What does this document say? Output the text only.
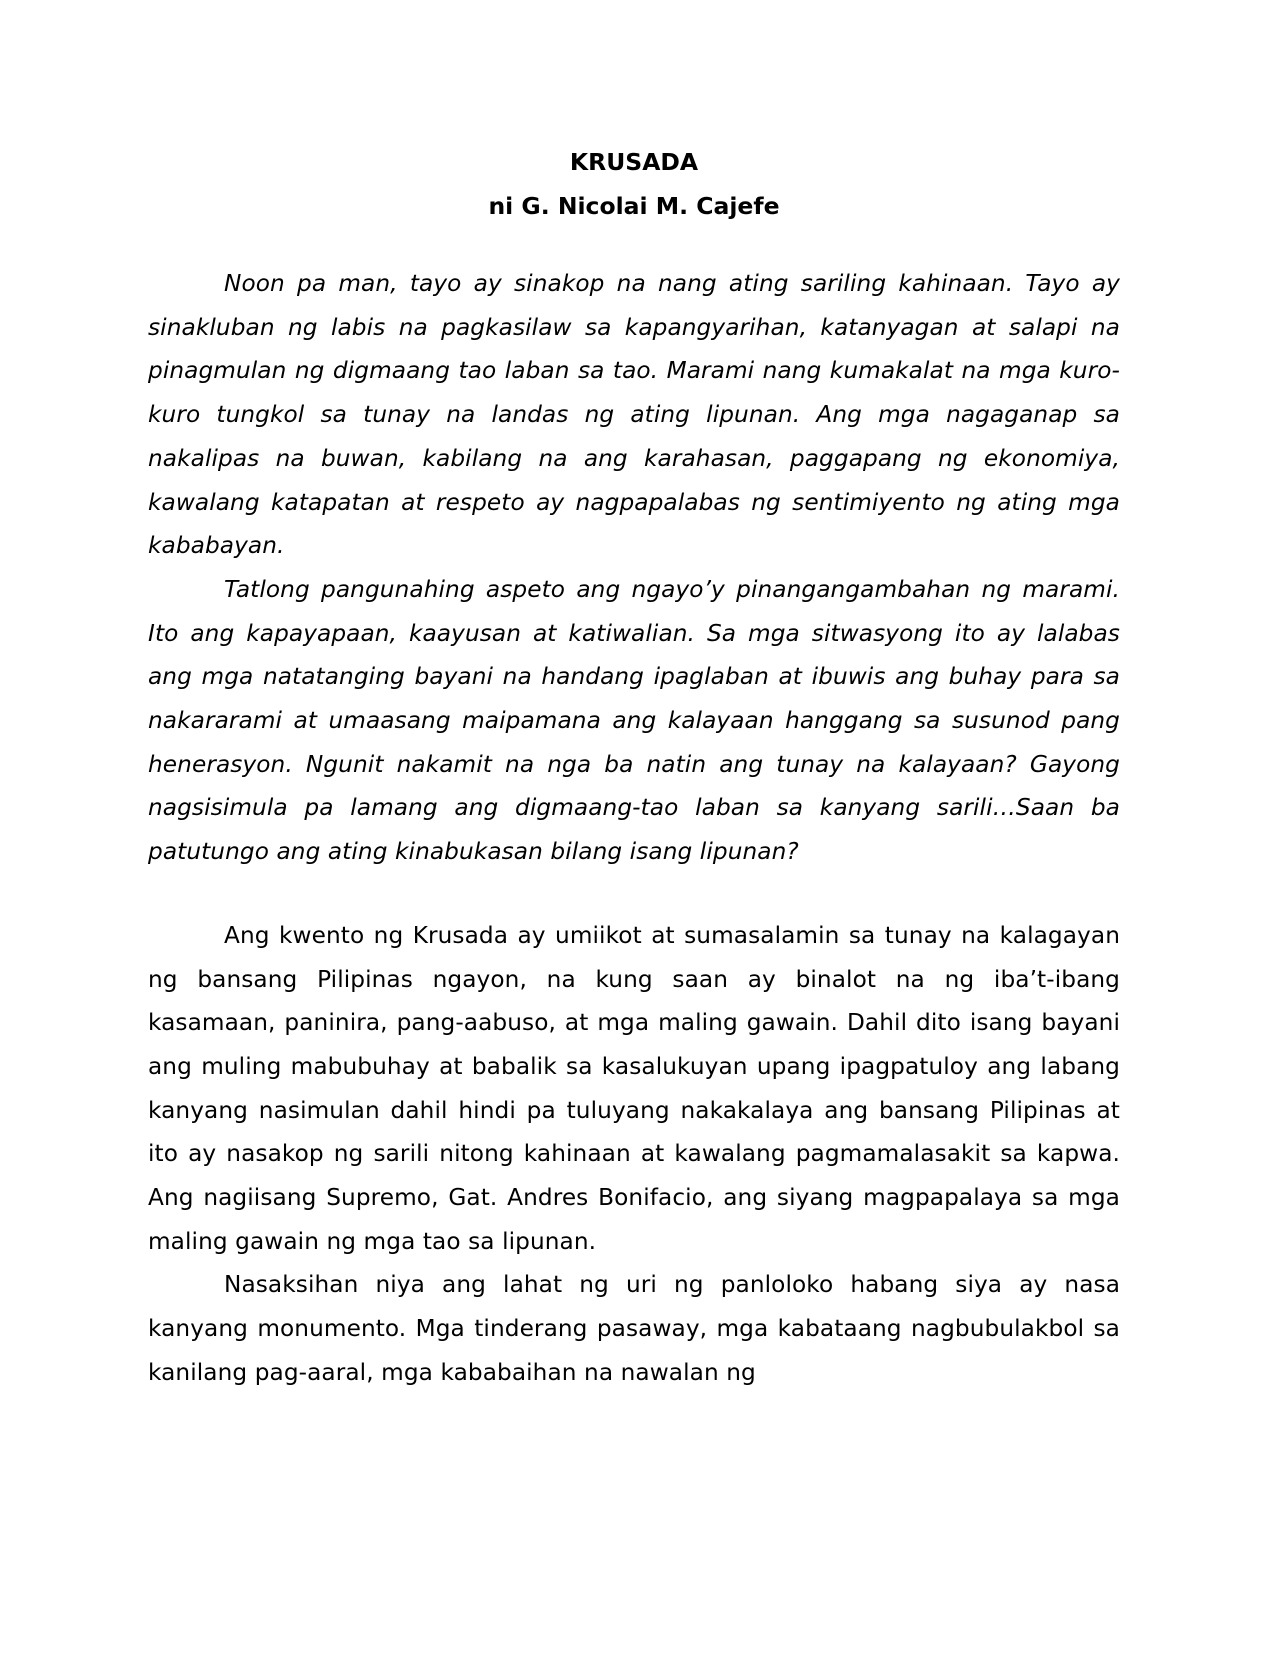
KRUSADA
ni G. Nicolai M. Cajefe

Noon pa man, tayo ay sinakop na nang ating sariling kahinaan. Tayo ay sinakluban ng labis na pagkasilaw sa kapangyarihan, katanyagan at salapi na pinagmulan ng digmaang tao laban sa tao. Marami nang kumakalat na mga kuro-kuro tungkol sa tunay na landas ng ating lipunan. Ang mga nagaganap sa nakalipas na buwan, kabilang na ang karahasan, paggapang ng ekonomiya, kawalang katapatan at respeto ay nagpapalabas ng sentimiyento ng ating mga kababayan.

Tatlong pangunahing aspeto ang ngayo’y pinangangambahan ng marami. Ito ang kapayapaan, kaayusan at katiwalian. Sa mga sitwasyong ito ay lalabas ang mga natatanging bayani na handang ipaglaban at ibuwis ang buhay para sa nakararami at umaasang maipamana ang kalayaan hanggang sa susunod pang henerasyon. Ngunit nakamit na nga ba natin ang tunay na kalayaan? Gayong nagsisimula pa lamang ang digmaang-tao laban sa kanyang sarili…Saan ba patutungo ang ating kinabukasan bilang isang lipunan?

Ang kwento ng Krusada ay umiikot at sumasalamin sa tunay na kalagayan ng bansang Pilipinas ngayon, na kung saan ay binalot na ng iba’t-ibang kasamaan, paninira, pang-aabuso, at mga maling gawain. Dahil dito isang bayani ang muling mabubuhay at babalik sa kasalukuyan upang ipagpatuloy ang labang kanyang nasimulan dahil hindi pa tuluyang nakakalaya ang bansang Pilipinas at ito ay nasakop ng sarili nitong kahinaan at kawalang pagmamalasakit sa kapwa. Ang nagiisang Supremo, Gat. Andres Bonifacio, ang siyang magpapalaya sa mga maling gawain ng mga tao sa lipunan.

Nasaksihan niya ang lahat ng uri ng panloloko habang siya ay nasa kanyang monumento. Mga tinderang pasaway, mga kabataang nagbubulakbol sa kanilang pag-aaral, mga kababaihan na nawalan ng
